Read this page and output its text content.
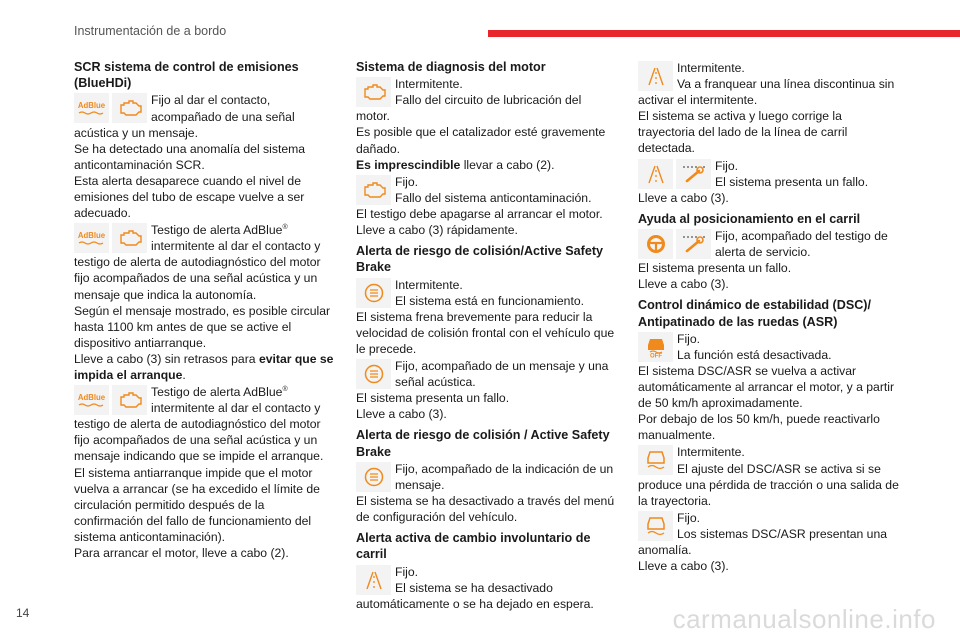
Instrumentación de a bordo
SCR sistema de control de emisiones (BlueHDi)
AdBlue	Fijo al dar el contacto, acompañado de una señal

acústica y un mensaje.

Se ha detectado una anomalía del sistema anticontaminación SCR.

Esta alerta desaparece cuando el nivel de emisiones del tubo de escape vuelve a ser adecuado.

AdBlue	Testigo de alerta AdBlue®
intermitente al dar el contacto y

testigo de alerta de autodiagnóstico del motor fijo acompañados de una señal acústica y un mensaje que indica la autonomía.

Según el mensaje mostrado, es posible circular hasta 1100 km antes de que se active el dispositivo antiarranque.

Lleve a cabo (3) sin retrasos para evitar que se impida el arranque.

AdBlue	Testigo de alerta AdBlue®
intermitente al dar el contacto y

testigo de alerta de autodiagnóstico del motor fijo acompañados de una señal acústica y un mensaje indicando que se impide el arranque.

El sistema antiarranque impide que el motor vuelva a arrancar (se ha excedido el límite de circulación permitido después de la confirmación del fallo de funcionamiento del sistema anticontaminación).

Para arrancar el motor, lleve a cabo (2).

Sistema de diagnosis del motor

Intermitente.

Fallo del circuito de lubricación del motor.

Es posible que el catalizador esté gravemente dañado.

Es imprescindible llevar a cabo (2).

Fijo.

Fallo del sistema anticontaminación.

El testigo debe apagarse al arrancar el motor.

Lleve a cabo (3) rápidamente.

Alerta de riesgo de colisión/Active Safety Brake

Intermitente.

El sistema está en funcionamiento.

El sistema frena brevemente para reducir la velocidad de colisión frontal con el vehículo que le precede.

Fijo, acompañado de un mensaje y una señal acústica.

El sistema presenta un fallo.

Lleve a cabo (3).

Alerta de riesgo de colisión / Active Safety Brake

Fijo, acompañado de la indicación de un mensaje.

El sistema se ha desactivado a través del menú de configuración del vehículo.

Alerta activa de cambio involuntario de carril

Fijo.

El sistema se ha desactivado

automáticamente o se ha dejado en espera.

Intermitente.

Va a franquear una línea discontinua sin

activar el intermitente.

El sistema se activa y luego corrige la trayectoria del lado de la línea de carril detectada.

Fijo.

El sistema presenta un fallo.

Lleve a cabo (3).

Ayuda al posicionamiento en el carril

Fijo, acompañado del testigo de alerta de servicio.

El sistema presenta un fallo.

Lleve a cabo (3).

Control dinámico de estabilidad (DSC)/ Antipatinado de las ruedas (ASR)
OFF

Fijo.

La función está desactivada.

El sistema DSC/ASR se vuelva a activar automáticamente al arrancar el motor, y a partir de 50 km/h aproximadamente.

Por debajo de los 50 km/h, puede reactivarlo manualmente.

Intermitente.

El ajuste del DSC/ASR se activa si se

produce una pérdida de tracción o una salida de la trayectoria.

Fijo.

Los sistemas DSC/ASR presentan una

anomalía.

Lleve a cabo (3).

14	carmanualsonline.info
